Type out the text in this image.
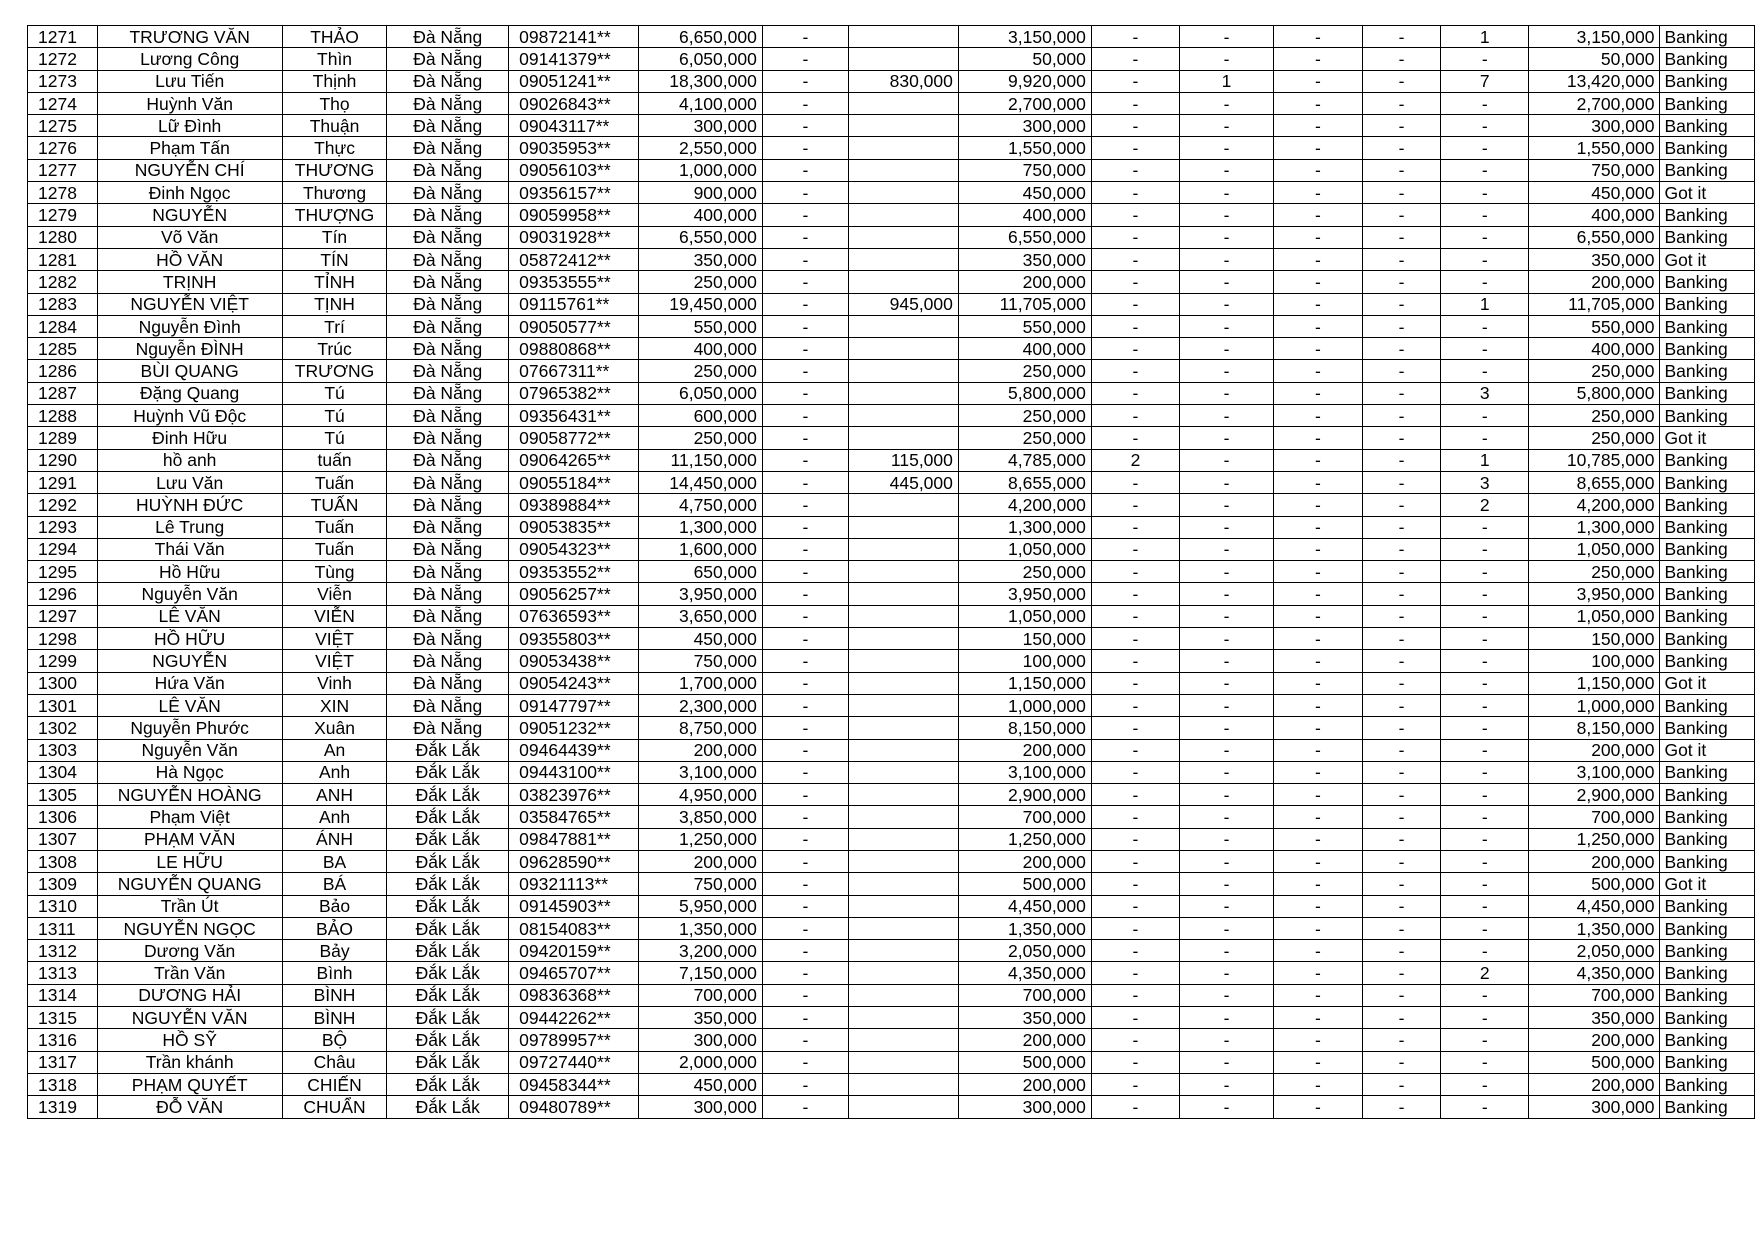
1271	TRƯƠNG VĂN	THẢO	Đà Nẵng	09872141**	6,650,000	-		3,150,000	-	-	-	-	1	3,150,000	Banking
1272	Lương Công	Thìn	Đà Nẵng	09141379**	6,050,000	-		50,000	-	-	-	-	-	50,000	Banking
1273	Lưu Tiến	Thịnh	Đà Nẵng	09051241**	18,300,000	-	830,000	9,920,000	-	1	-	-	7	13,420,000	Banking
1274	Huỳnh Văn	Thọ	Đà Nẵng	09026843**	4,100,000	-		2,700,000	-	-	-	-	-	2,700,000	Banking
1275	Lữ Đình	Thuận	Đà Nẵng	09043117**	300,000	-		300,000	-	-	-	-	-	300,000	Banking
1276	Phạm Tấn	Thực	Đà Nẵng	09035953**	2,550,000	-		1,550,000	-	-	-	-	-	1,550,000	Banking
1277	NGUYỄN CHÍ	THƯƠNG	Đà Nẵng	09056103**	1,000,000	-		750,000	-	-	-	-	-	750,000	Banking
1278	Đinh Ngọc	Thương	Đà Nẵng	09356157**	900,000	-		450,000	-	-	-	-	-	450,000	Got it
1279	NGUYỄN	THƯỢNG	Đà Nẵng	09059958**	400,000	-		400,000	-	-	-	-	-	400,000	Banking
1280	Võ Văn	Tín	Đà Nẵng	09031928**	6,550,000	-		6,550,000	-	-	-	-	-	6,550,000	Banking
1281	HỒ VĂN	TÍN	Đà Nẵng	05872412**	350,000	-		350,000	-	-	-	-	-	350,000	Got it
1282	TRỊNH	TỈNH	Đà Nẵng	09353555**	250,000	-		200,000	-	-	-	-	-	200,000	Banking
1283	NGUYỄN VIỆT	TỊNH	Đà Nẵng	09115761**	19,450,000	-	945,000	11,705,000	-	-	-	-	1	11,705,000	Banking
1284	Nguyễn Đình	Trí	Đà Nẵng	09050577**	550,000	-		550,000	-	-	-	-	-	550,000	Banking
1285	Nguyễn ĐÌNH	Trúc	Đà Nẵng	09880868**	400,000	-		400,000	-	-	-	-	-	400,000	Banking
1286	BÙI QUANG	TRƯƠNG	Đà Nẵng	07667311**	250,000	-		250,000	-	-	-	-	-	250,000	Banking
1287	Đặng Quang	Tú	Đà Nẵng	07965382**	6,050,000	-		5,800,000	-	-	-	-	3	5,800,000	Banking
1288	Huỳnh Vũ Độc	Tú	Đà Nẵng	09356431**	600,000	-		250,000	-	-	-	-	-	250,000	Banking
1289	Đinh Hữu	Tú	Đà Nẵng	09058772**	250,000	-		250,000	-	-	-	-	-	250,000	Got it
1290	hồ anh	tuấn	Đà Nẵng	09064265**	11,150,000	-	115,000	4,785,000	2	-	-	-	1	10,785,000	Banking
1291	Lưu Văn	Tuấn	Đà Nẵng	09055184**	14,450,000	-	445,000	8,655,000	-	-	-	-	3	8,655,000	Banking
1292	HUỲNH ĐỨC	TUẤN	Đà Nẵng	09389884**	4,750,000	-		4,200,000	-	-	-	-	2	4,200,000	Banking
1293	Lê Trung	Tuấn	Đà Nẵng	09053835**	1,300,000	-		1,300,000	-	-	-	-	-	1,300,000	Banking
1294	Thái Văn	Tuấn	Đà Nẵng	09054323**	1,600,000	-		1,050,000	-	-	-	-	-	1,050,000	Banking
1295	Hồ Hữu	Tùng	Đà Nẵng	09353552**	650,000	-		250,000	-	-	-	-	-	250,000	Banking
1296	Nguyễn Văn	Viễn	Đà Nẵng	09056257**	3,950,000	-		3,950,000	-	-	-	-	-	3,950,000	Banking
1297	LÊ VĂN	VIỄN	Đà Nẵng	07636593**	3,650,000	-		1,050,000	-	-	-	-	-	1,050,000	Banking
1298	HỒ HỮU	VIỆT	Đà Nẵng	09355803**	450,000	-		150,000	-	-	-	-	-	150,000	Banking
1299	NGUYỄN	VIỆT	Đà Nẵng	09053438**	750,000	-		100,000	-	-	-	-	-	100,000	Banking
1300	Hứa Văn	Vinh	Đà Nẵng	09054243**	1,700,000	-		1,150,000	-	-	-	-	-	1,150,000	Got it
1301	LÊ VĂN	XIN	Đà Nẵng	09147797**	2,300,000	-		1,000,000	-	-	-	-	-	1,000,000	Banking
1302	Nguyễn Phước	Xuân	Đà Nẵng	09051232**	8,750,000	-		8,150,000	-	-	-	-	-	8,150,000	Banking
1303	Nguyễn Văn	An	Đắk Lắk	09464439**	200,000	-		200,000	-	-	-	-	-	200,000	Got it
1304	Hà Ngọc	Anh	Đắk Lắk	09443100**	3,100,000	-		3,100,000	-	-	-	-	-	3,100,000	Banking
1305	NGUYỄN HOÀNG	ANH	Đắk Lắk	03823976**	4,950,000	-		2,900,000	-	-	-	-	-	2,900,000	Banking
1306	Phạm Việt	Anh	Đắk Lắk	03584765**	3,850,000	-		700,000	-	-	-	-	-	700,000	Banking
1307	PHẠM VĂN	ÁNH	Đắk Lắk	09847881**	1,250,000	-		1,250,000	-	-	-	-	-	1,250,000	Banking
1308	LE HỮU	BA	Đắk Lắk	09628590**	200,000	-		200,000	-	-	-	-	-	200,000	Banking
1309	NGUYỄN QUANG	BÁ	Đắk Lắk	09321113**	750,000	-		500,000	-	-	-	-	-	500,000	Got it
1310	Trần Út	Bảo	Đắk Lắk	09145903**	5,950,000	-		4,450,000	-	-	-	-	-	4,450,000	Banking
1311	NGUYỄN NGỌC	BẢO	Đắk Lắk	08154083**	1,350,000	-		1,350,000	-	-	-	-	-	1,350,000	Banking
1312	Dương Văn	Bảy	Đắk Lắk	09420159**	3,200,000	-		2,050,000	-	-	-	-	-	2,050,000	Banking
1313	Trần Văn	Bình	Đắk Lắk	09465707**	7,150,000	-		4,350,000	-	-	-	-	2	4,350,000	Banking
1314	DƯƠNG HẢI	BÌNH	Đắk Lắk	09836368**	700,000	-		700,000	-	-	-	-	-	700,000	Banking
1315	NGUYỄN VĂN	BÌNH	Đắk Lắk	09442262**	350,000	-		350,000	-	-	-	-	-	350,000	Banking
1316	HỒ SỸ	BỘ	Đắk Lắk	09789957**	300,000	-		200,000	-	-	-	-	-	200,000	Banking
1317	Trần khánh	Châu	Đắk Lắk	09727440**	2,000,000	-		500,000	-	-	-	-	-	500,000	Banking
1318	PHẠM QUYẾT	CHIẾN	Đắk Lắk	09458344**	450,000	-		200,000	-	-	-	-	-	200,000	Banking
1319	ĐỖ VĂN	CHUẨN	Đắk Lắk	09480789**	300,000	-		300,000	-	-	-	-	-	300,000	Banking
